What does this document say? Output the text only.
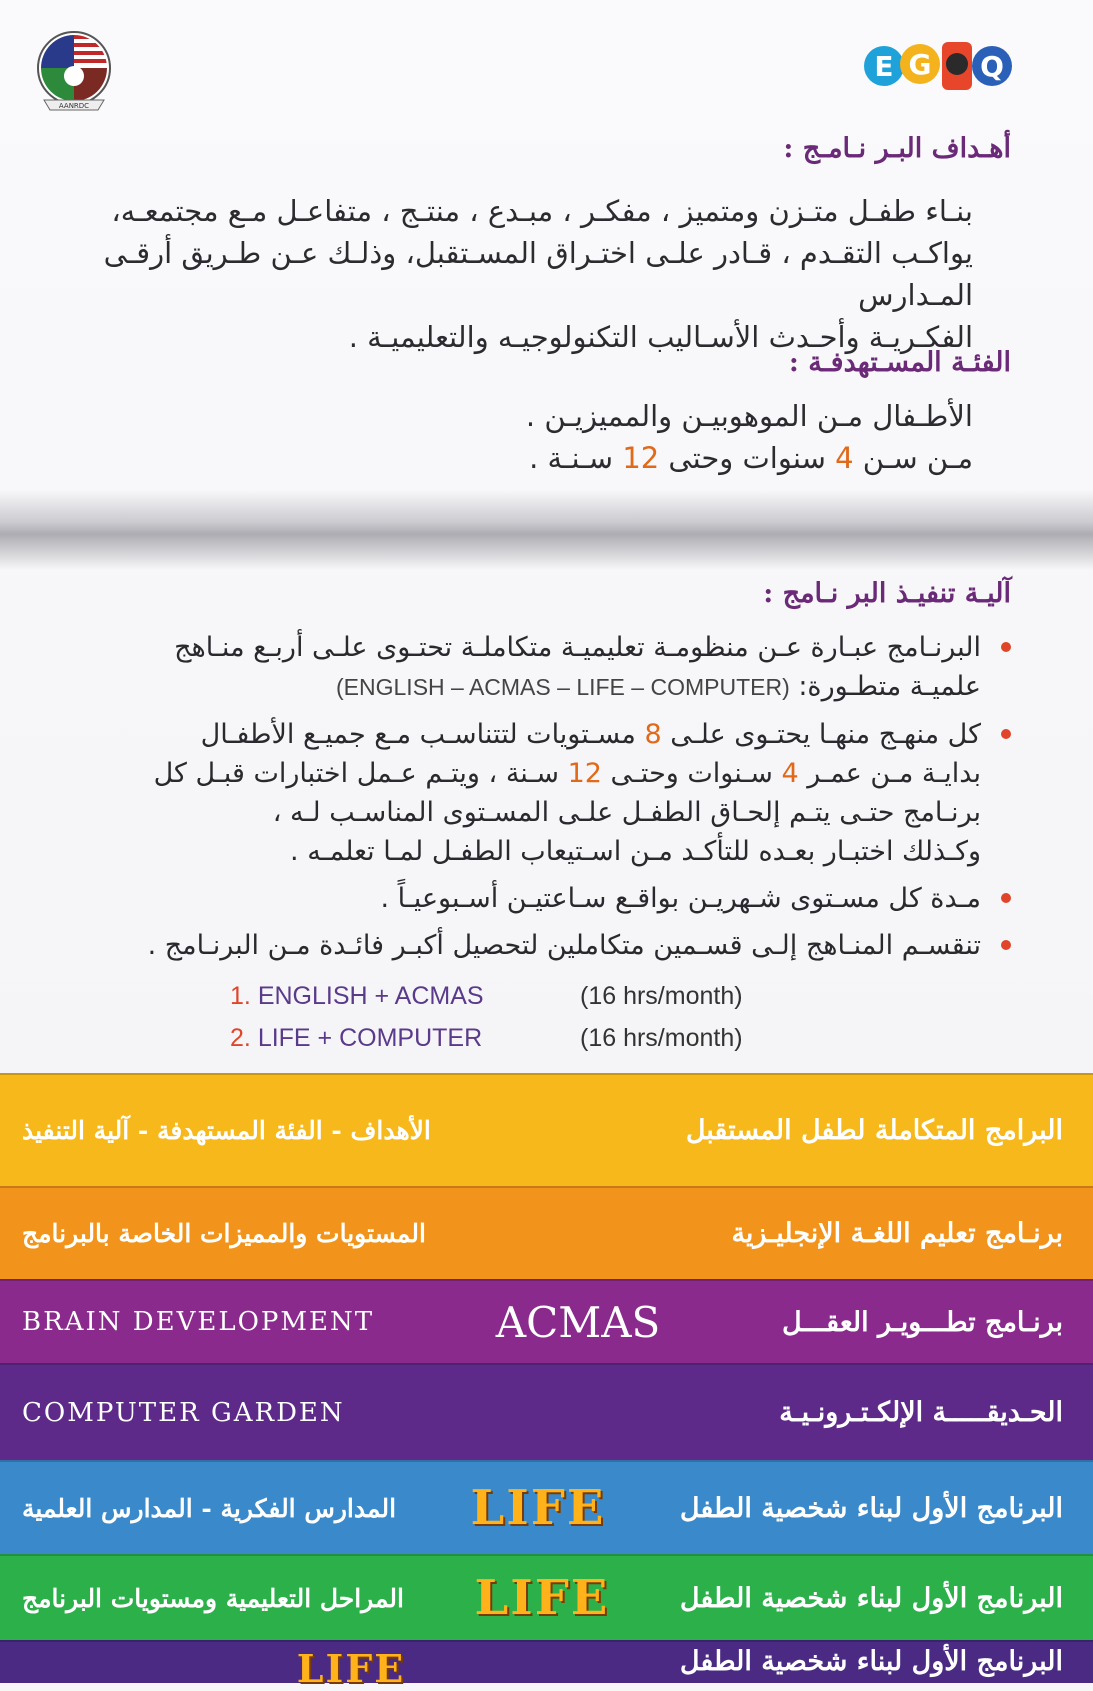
AANRDC
E G Q
أهـداف البـر نـامـج :
بنـاء طفـل متـزن ومتميز ، مفكـر ، مبـدع ، منتـج ، متفاعـل مـع مجتمعـه،
يواكـب التقـدم ، قـادر علـى اختـراق المسـتقبل، وذلـك عـن طـريق أرقـى المـدارس
الفكـريـة وأحـدث الأسـاليب التكنولوجيـه والتعليميـة .
الفئـة المسـتهدفـة :
الأطـفال مـن الموهوبيـن والمميزيـن .
مـن سـن 4 سنوات وحتى 12 سـنـة .
آليـة تنفيـذ البر نـامج :
البرنـامج عبـارة عـن منظومـة تعليميـة متكاملـة تحتـوى علـى أربـع منـاهج
علميـة متطـورة: (ENGLISH – ACMAS – LIFE – COMPUTER)
كل منهـج منهـا يحتـوى علـى 8 مسـتويات لتتناسـب مـع جميـع الأطفـال
بدايـة مـن عمـر 4 سـنوات وحتـى 12 سـنة ، ويتـم عـمل اختبارات قبـل كل
برنـامج حتـى يتـم إلحـاق الطفـل علـى المسـتوى المناسـب لـه ،
وكـذلك اختبـار بعـده للتأكـد مـن اسـتيعاب الطفـل لمـا تعلمـه .
مـدة كل مسـتوى شـهريـن بواقـع سـاعتيـن أسـبوعيـاً .
تنقسـم المنـاهج إلـى قسـمين متكاملين لتحصيل أكبـر فائـدة مـن البرنـامج .
1. ENGLISH + ACMAS	(16 hrs/month)
2. LIFE + COMPUTER	(16 hrs/month)
الأهداف - الفئة المستهدفة - آلية التنفيذ	البرامج المتكاملة لطفل المستقبل
المستويات والمميزات الخاصة بالبرنامج	برنـامج تعليم اللغـة الإنجليـزية
BRAIN DEVELOPMENT	ACMAS	برنـامج تطـــويـر العقـــل
COMPUTER GARDEN	الحـديقـــــة الإلكـتـرونـيـة
المدارس الفكرية - المدارس العلمية LIFE	البرنامج الأول لبناء شخصية الطفل
المراحل التعليمية ومستويات البرنامج LIFE	البرنامج الأول لبناء شخصية الطفل
LIFE	البرنامج الأول لبناء شخصية الطفل
